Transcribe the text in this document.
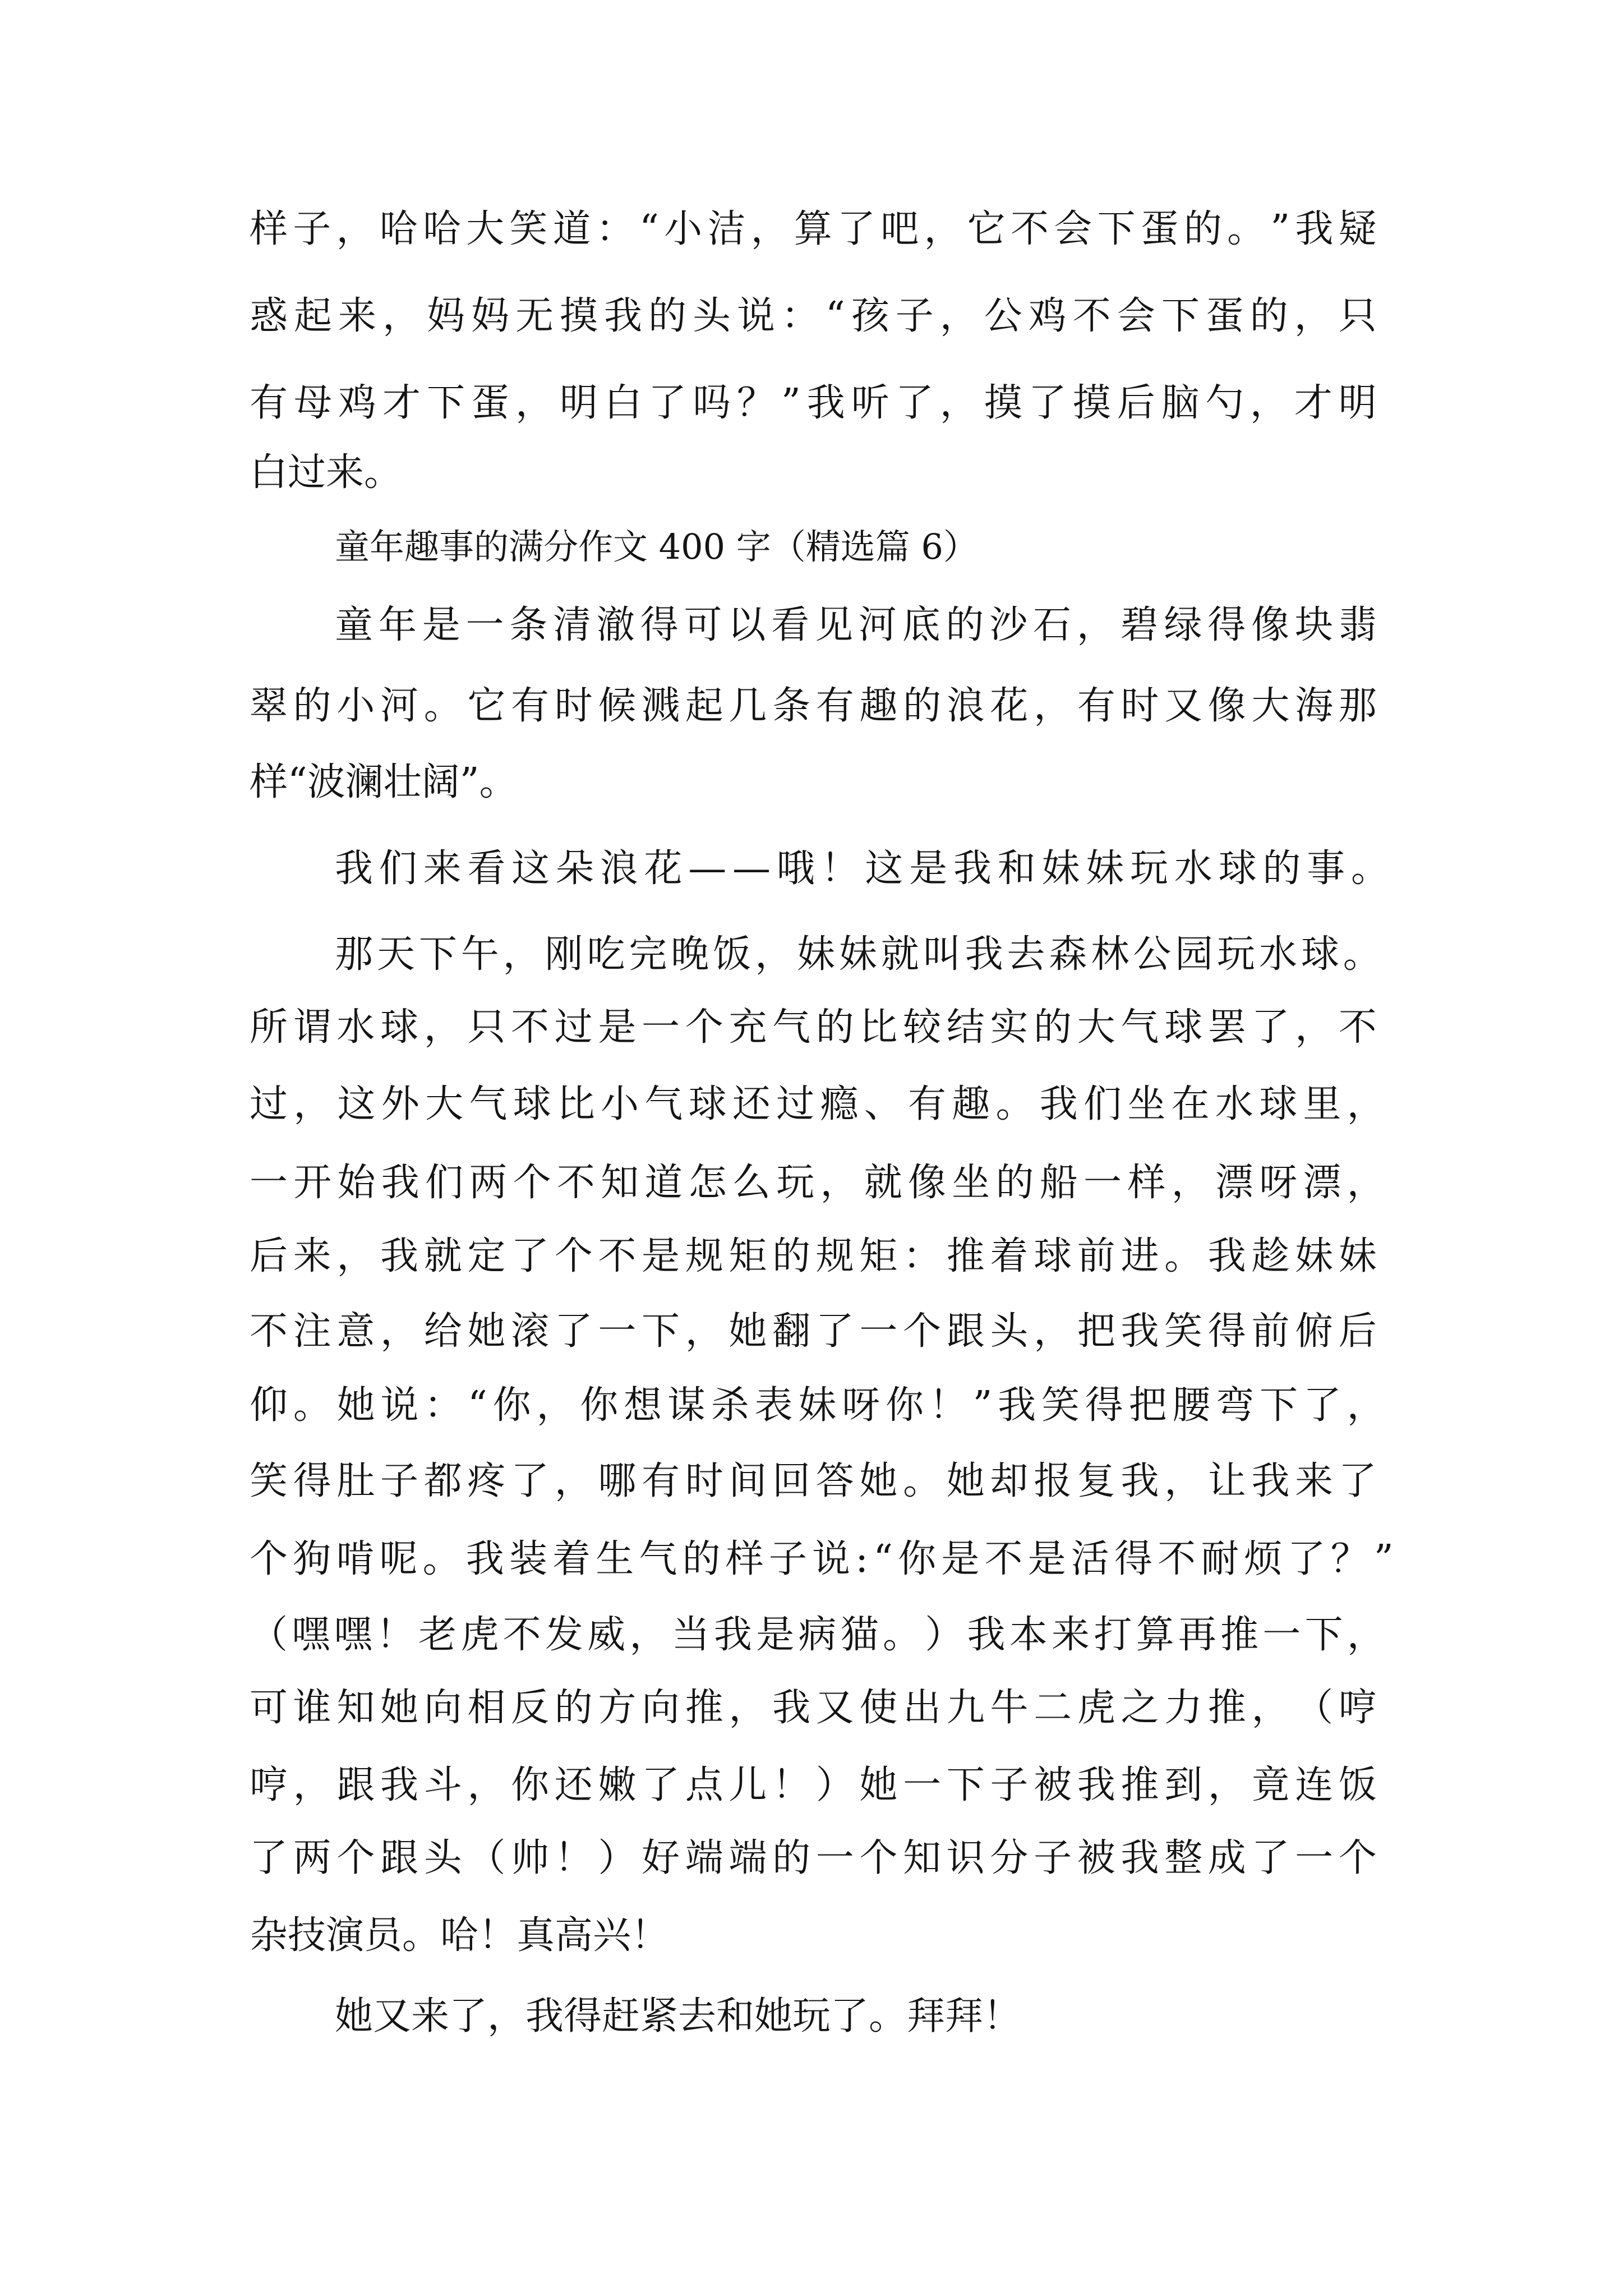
样 子 ， 哈 哈 大 笑 道 ： “ 小 洁 ， 算 了 吧 ， 它 不 会 下 蛋 的 。 ” 我 疑

惑 起 来 ， 妈 妈 无 摸 我 的 头 说 ： “ 孩 子 ， 公 鸡 不 会 下 蛋 的 ， 只

有 母 鸡 才 下 蛋 ， 明 白 了 吗 ？ ” 我 听 了 ， 摸 了 摸 后 脑 勺 ， 才 明

白过来。

童年趣事的满分作文 400 字（精选篇 6）

童 年 是 一 条 清 澈 得 可 以 看 见 河 底 的 沙 石 ， 碧 绿 得 像 块 翡

翠 的 小 河 。 它 有 时 候 溅 起 几 条 有 趣 的 浪 花 ， 有 时 又 像 大 海 那

样“波澜壮阔”。

我 们 来 看 这 朵 浪 花 — — 哦 ！ 这 是 我 和 妹 妹 玩 水 球 的 事 。

那 天 下 午 ， 刚 吃 完 晚 饭 ， 妹 妹 就 叫 我 去 森 林 公 园 玩 水 球 。

所 谓 水 球 ， 只 不 过 是 一 个 充 气 的 比 较 结 实 的 大 气 球 罢 了 ， 不

过 ， 这 外 大 气 球 比 小 气 球 还 过 瘾 、 有 趣 。 我 们 坐 在 水 球 里 ，

一 开 始 我 们 两 个 不 知 道 怎 么 玩 ， 就 像 坐 的 船 一 样 ， 漂 呀 漂 ，

后 来 ， 我 就 定 了 个 不 是 规 矩 的 规 矩 ： 推 着 球 前 进 。 我 趁 妹 妹

不 注 意 ， 给 她 滚 了 一 下 ， 她 翻 了 一 个 跟 头 ， 把 我 笑 得 前 俯 后

仰 。 她 说 ： “ 你 ， 你 想 谋 杀 表 妹 呀 你 ！ ” 我 笑 得 把 腰 弯 下 了 ，

笑 得 肚 子 都 疼 了 ， 哪 有 时 间 回 答 她 。 她 却 报 复 我 ， 让 我 来 了

个 狗 啃 呢 。 我 装 着 生 气 的 样 子 说 : “ 你 是 不 是 活 得 不 耐 烦 了 ？ ”

（ 嘿 嘿 ！ 老 虎 不 发 威 ， 当 我 是 病 猫 。 ） 我 本 来 打 算 再 推 一 下 ，

可 谁 知 她 向 相 反 的 方 向 推 ， 我 又 使 出 九 牛 二 虎 之 力 推 ， （ 哼

哼 ， 跟 我 斗 ， 你 还 嫩 了 点 儿 ！ ） 她 一 下 子 被 我 推 到 ， 竟 连 饭

了 两 个 跟 头 （ 帅 ！ ） 好 端 端 的 一 个 知 识 分 子 被 我 整 成 了 一 个

杂技演员。哈！真高兴！

她又来了，我得赶紧去和她玩了。拜拜！
